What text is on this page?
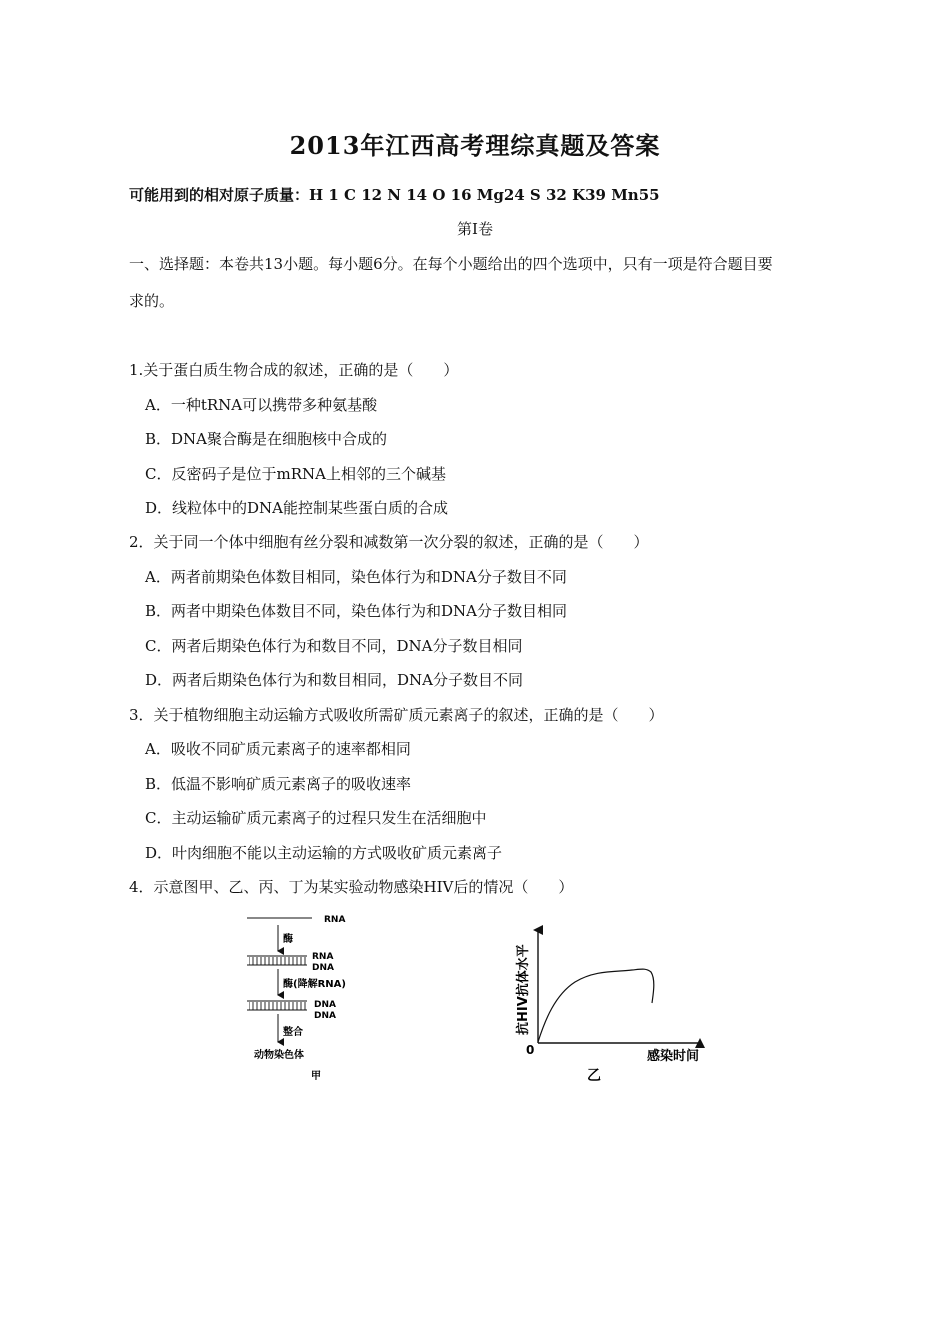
2013年江西高考理综真题及答案
可能用到的相对原子质量：H 1 C 12 N 14 O 16 Mg24 S 32 K39 Mn55
第Ⅰ卷
一、选择题：本卷共13小题。每小题6分。在每个小题给出的四个选项中，只有一项是符合题目要
求的。
1.关于蛋白质生物合成的叙述，正确的是（　　）
A．一种tRNA可以携带多种氨基酸
B．DNA聚合酶是在细胞核中合成的
C．反密码子是位于mRNA上相邻的三个碱基
D．线粒体中的DNA能控制某些蛋白质的合成
2．关于同一个体中细胞有丝分裂和减数第一次分裂的叙述，正确的是（　　）
A．两者前期染色体数目相同，染色体行为和DNA分子数目不同
B．两者中期染色体数目不同，染色体行为和DNA分子数目相同
C．两者后期染色体行为和数目不同，DNA分子数目相同
D．两者后期染色体行为和数目相同，DNA分子数目不同
3．关于植物细胞主动运输方式吸收所需矿质元素离子的叙述，正确的是（　　）
A．吸收不同矿质元素离子的速率都相同
B．低温不影响矿质元素离子的吸收速率
C．主动运输矿质元素离子的过程只发生在活细胞中
D．叶肉细胞不能以主动运输的方式吸收矿质元素离子
4．示意图甲、乙、丙、丁为某实验动物感染HIV后的情况（　　）
RNA
酶
RNA
DNA
酶(降解RNA)
DNA
DNA
整合
动物染色体
甲
抗HIV抗体水平
0	感染时间
乙
